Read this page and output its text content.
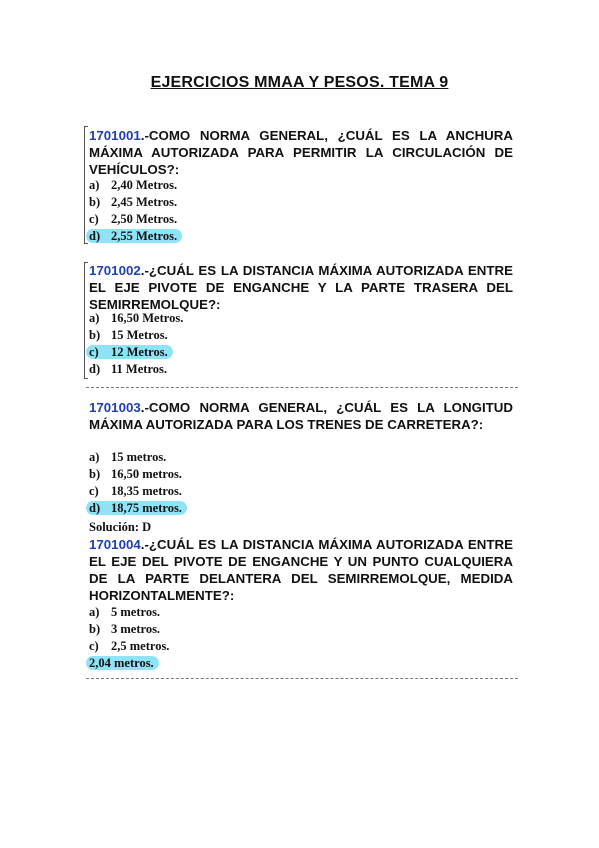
EJERCICIOS MMAA Y PESOS. TEMA 9
1701001.-COMO NORMA GENERAL, ¿CUÁL ES LA ANCHURA MÁXIMA AUTORIZADA PARA PERMITIR LA CIRCULACIÓN DE VEHÍCULOS?:
a) 2,40 Metros.
b) 2,45 Metros.
c) 2,50 Metros.
d) 2,55 Metros.
1701002.-¿CUÁL ES LA DISTANCIA MÁXIMA AUTORIZADA ENTRE EL EJE PIVOTE DE ENGANCHE Y LA PARTE TRASERA DEL SEMIRREMOLQUE?:
a) 16,50 Metros.
b) 15 Metros.
c) 12 Metros.
d) 11 Metros.
1701003.-COMO NORMA GENERAL, ¿CUÁL ES LA LONGITUD MÁXIMA AUTORIZADA PARA LOS TRENES DE CARRETERA?:
a) 15 metros.
b) 16,50 metros.
c) 18,35 metros.
d) 18,75 metros.
Solución: D
1701004.-¿CUÁL ES LA DISTANCIA MÁXIMA AUTORIZADA ENTRE EL EJE DEL PIVOTE DE ENGANCHE Y UN PUNTO CUALQUIERA DE LA PARTE DELANTERA DEL SEMIRREMOLQUE, MEDIDA HORIZONTALMENTE?:
a) 5 metros.
b) 3 metros.
c) 2,5 metros.
2,04 metros.
